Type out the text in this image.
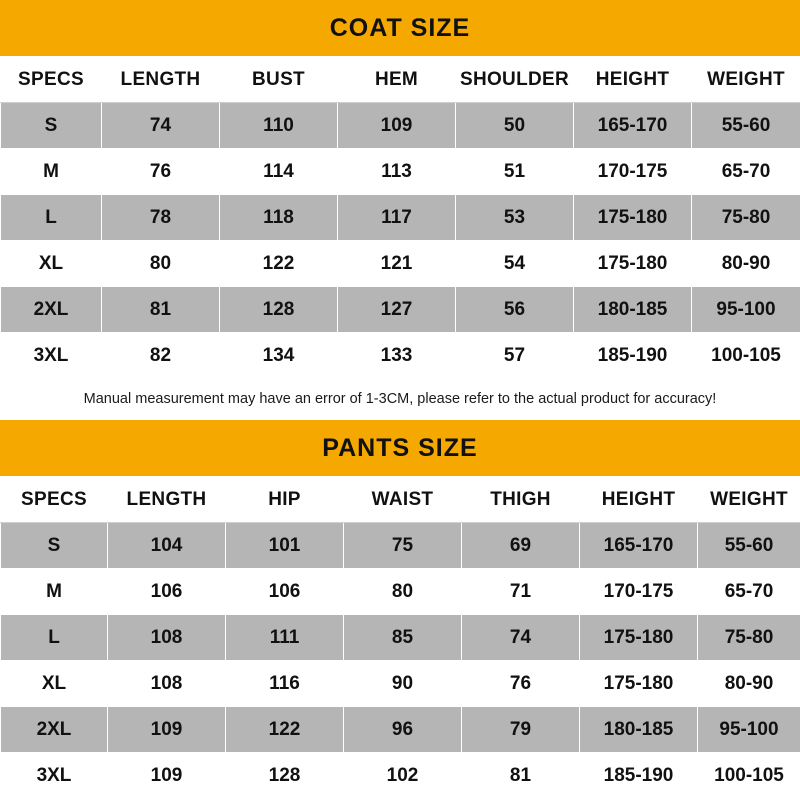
COAT SIZE
SPECS	LENGTH	BUST	HEM	SHOULDER	HEIGHT	WEIGHT
S	74	110	109	50	165-170	55-60
M	76	114	113	51	170-175	65-70
L	78	118	117	53	175-180	75-80
XL	80	122	121	54	175-180	80-90
2XL	81	128	127	56	180-185	95-100
3XL	82	134	133	57	185-190	100-105
Manual measurement may have an error of 1-3CM, please refer to the actual product for accuracy!
PANTS SIZE
SPECS	LENGTH	HIP	WAIST	THIGH	HEIGHT	WEIGHT
S	104	101	75	69	165-170	55-60
M	106	106	80	71	170-175	65-70
L	108	111	85	74	175-180	75-80
XL	108	116	90	76	175-180	80-90
2XL	109	122	96	79	180-185	95-100
3XL	109	128	102	81	185-190	100-105
